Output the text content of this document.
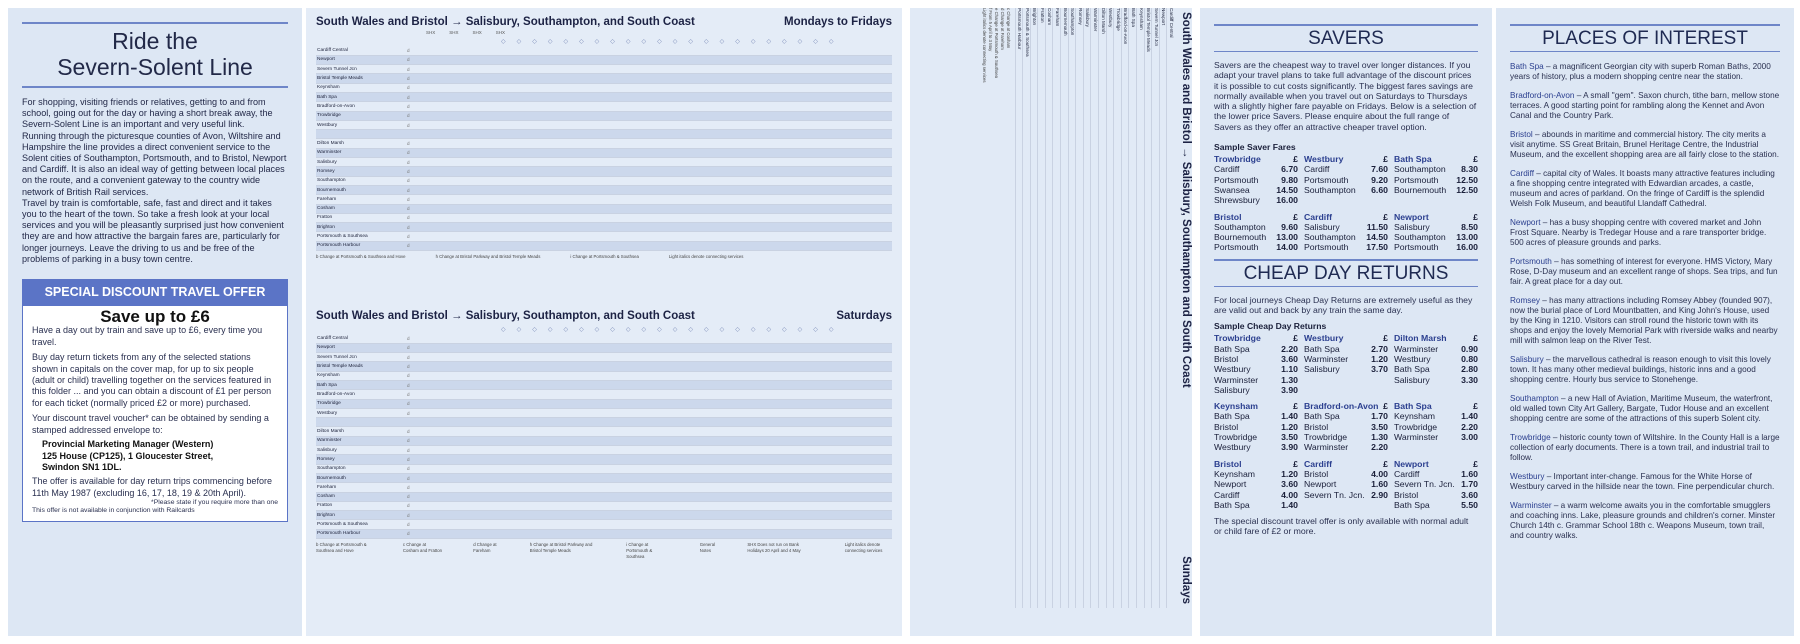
Ride the
Severn-Solent Line

For shopping, visiting friends or relatives, getting to and from school, going out for the day or having a short break away, the Severn-Solent Line is an important and very useful link.

Running through the picturesque counties of Avon, Wiltshire and Hampshire the line provides a direct convenient service to the Solent cities of Southampton, Portsmouth, and to Bristol, Newport and Cardiff. It is also an ideal way of getting between local places on the route, and a convenient gateway to the country wide network of British Rail services.

Travel by train is comfortable, safe, fast and direct and it takes you to the heart of the town. So take a fresh look at your local services and you will be pleasantly surprised just how convenient they are and how attractive the bargain fares are, particularly for longer journeys. Leave the driving to us and be free of the problems of parking in a busy town centre.

SPECIAL DISCOUNT TRAVEL OFFER
Save up to £6

Have a day out by train and save up to £6, every time you travel.

Buy day return tickets from any of the selected stations shown in capitals on the cover map, for up to six people (adult or child) travelling together on the services featured in this folder ... and you can obtain a discount of £1 per person for each ticket (normally priced £2 or more) purchased.

Your discount travel voucher* can be obtained by sending a stamped addressed envelope to:

Provincial Marketing Manager (Western)
125 House (CP125), 1 Gloucester Street,
Swindon SN1 1DL.

The offer is available for day return trips commencing before 11th May 1987 (excluding 16, 17, 18, 19 & 20th April).

*Please state if you require more than one

This offer is not available in conjunction with Railcards

South Wales and Bristol → Salisbury, Southampton, and South Coast	Mondays to Fridays
SHX	SHX	SHX	SHX
◇◇◇◇◇◇◇◇◇◇◇◇◇◇◇◇◇◇◇◇◇◇
Cardiff Central	d																						
Newport	d																						
Severn Tunnel Jcn	d																						
Bristol Temple Meads	d																						
Keynsham	d																						
Bath Spa	d																						
Bradford-on-Avon	d																						
Trowbridge	d																						
Westbury	d																						

Dilton Marsh	d																						
Warminster	d																						
Salisbury	d																						
Romsey	d																						
Southampton	d																						
Bournemouth	d																						
Fareham	d																						
Cosham	d																						
Fratton	d																						
Brighton	d																						
Portsmouth & Southsea	d																						
Portsmouth Harbour	d																						
b Change at Portsmouth & Southsea and Hove	h Change at Bristol Parkway and Bristol Temple Meads	i Change at Portsmouth & Southsea	Light italics denote connecting services
South Wales and Bristol → Salisbury, Southampton, and South Coast	Saturdays
◇◇◇◇◇◇◇◇◇◇◇◇◇◇◇◇◇◇◇◇◇◇
Cardiff Central	d																						
Newport	d																						
Severn Tunnel Jcn	d																						
Bristol Temple Meads	d																						
Keynsham	d																						
Bath Spa	d																						
Bradford-on-Avon	d																						
Trowbridge	d																						
Westbury	d																						

Dilton Marsh	d																						
Warminster	d																						
Salisbury	d																						
Romsey	d																						
Southampton	d																						
Bournemouth	d																						
Fareham	d																						
Cosham	d																						
Fratton	d																						
Brighton	d																						
Portsmouth & Southsea	d																						
Portsmouth Harbour	d																						
b Change at Portsmouth & Southsea and Hove
c Change at Cosham and Fratton
d Change at Fareham
h Change at Bristol Parkway and Bristol Temple Meads
i Change at Portsmouth & Southsea
General Notes
SHX Does not run on Bank Holidays 20 April and 4 May
Light italics denote connecting services
South Wales and Bristol → Salisbury, Southampton and South Coast
Sundays
Cardiff Central
Newport
Severn Tunnel Jcn
Bristol Temple Meads
Keynsham
Bath Spa
Bradford-on-Avon
Trowbridge
Westbury
Dilton Marsh
Warminster
Salisbury
Romsey
Southampton
Bournemouth
Fareham
Cosham
Fratton
Brighton
Portsmouth & Southsea
Portsmouth Harbour
c Change at Cosham
d Change at Fareham
e Change at Portsmouth & Southsea
f From 5 April to 3 May
Light italics denote connecting services	SAVERS
Savers are the cheapest way to travel over longer distances. If you adapt your travel plans to take full advantage of the discount prices it is possible to cut costs significantly. The biggest fares savings are normally available when you travel out on Saturdays to Thursdays with a slightly higher fare payable on Fridays. Below is a selection of the lower price Savers. Please enquire about the full range of Savers as they offer an attractive cheaper travel option.
Sample Saver Fares
Trowbridge	£
Cardiff	6.70
Portsmouth	9.80
Swansea	14.50
Shrewsbury 16.00
Westbury	£
Cardiff	7.60
Portsmouth	9.20
Southampton 6.60
Bath Spa	£
Southampton 8.30
Portsmouth 12.50
Bournemouth 12.50
Bristol	£
Southampton 9.60
Bournemouth 13.00
Portsmouth 14.00
Cardiff	£
Salisbury	11.50
Southampton 14.50
Portsmouth 17.50
Newport	£
Salisbury	8.50
Southampton 13.00
Portsmouth 16.00
CHEAP DAY RETURNS
For local journeys Cheap Day Returns are extremely useful as they are valid out and back by any train the same day.
Sample Cheap Day Returns
Trowbridge	£
Bath Spa	2.20
Bristol	3.60
Westbury	1.10
Warminster	1.30
Salisbury	3.90
Westbury	£
Bath Spa	2.70
Warminster	1.20
Salisbury	3.70
Dilton Marsh	£
Warminster	0.90
Westbury	0.80
Bath Spa	2.80
Salisbury	3.30
Keynsham	£
Bath Spa	1.40
Bristol	1.20
Trowbridge	3.50
Westbury	3.90
Bradford-on-Avon £
Bath Spa	1.70
Bristol	3.50
Trowbridge	1.30
Warminster	2.20
Bath Spa	£
Keynsham	1.40
Trowbridge	2.20
Warminster	3.00
Bristol	£
Keynsham	1.20
Newport	3.60
Cardiff	4.00
Bath Spa	1.40
Cardiff	£
Bristol	4.00
Newport	1.60
Severn Tn. Jcn. 2.90
Newport	£
Cardiff	1.60
Severn Tn. Jcn. 1.70
Bristol	3.60
Bath Spa	5.50
The special discount travel offer is only available with normal adult or child fare of £2 or more.
PLACES OF INTEREST

Bath Spa – a magnificent Georgian city with superb Roman Baths, 2000 years of history, plus a modern shopping centre near the station.

Bradford-on-Avon – A small "gem". Saxon church, tithe barn, mellow stone terraces. A good starting point for rambling along the Kennet and Avon Canal and the Country Park.

Bristol – abounds in maritime and commercial history. The city merits a visit anytime. SS Great Britain, Brunel Heritage Centre, the Industrial Museum, and the excellent shopping area are all fairly close to the station.

Cardiff – capital city of Wales. It boasts many attractive features including a fine shopping centre integrated with Edwardian arcades, a castle, museum and acres of parkland. On the fringe of Cardiff is the splendid Welsh Folk Museum, and beautiful Llandaff Cathedral.

Newport – has a busy shopping centre with covered market and John Frost Square. Nearby is Tredegar House and a rare transporter bridge. 500 acres of pleasure grounds and parks.

Portsmouth – has something of interest for everyone. HMS Victory, Mary Rose, D-Day museum and an excellent range of shops. Sea trips, and fun fair. A great place for a day out.

Romsey – has many attractions including Romsey Abbey (founded 907), now the burial place of Lord Mountbatten, and King John's House, used by the King in 1210. Visitors can stroll round the historic town with its shops and enjoy the lovely Memorial Park with riverside walks and nearby mill with salmon leap on the River Test.

Salisbury – the marvellous cathedral is reason enough to visit this lovely town. It has many other medieval buildings, historic inns and a good shopping centre. Hourly bus service to Stonehenge.

Southampton – a new Hall of Aviation, Maritime Museum, the waterfront, old walled town City Art Gallery, Bargate, Tudor House and an excellent shopping centre are some of the attractions of this superb Solent city.

Trowbridge – historic county town of Wiltshire. In the County Hall is a large collection of early documents. There is a town trail, and industrial trail to follow.

Westbury – Important inter-change. Famous for the White Horse of Westbury carved in the hillside near the town. Fine perpendicular church.

Warminster – a warm welcome awaits you in the comfortable smugglers and coaching inns. Lake, pleasure grounds and children's corner. Minster Church 14th c. Grammar School 18th c. Weapons Museum, town trail, and country walks.
